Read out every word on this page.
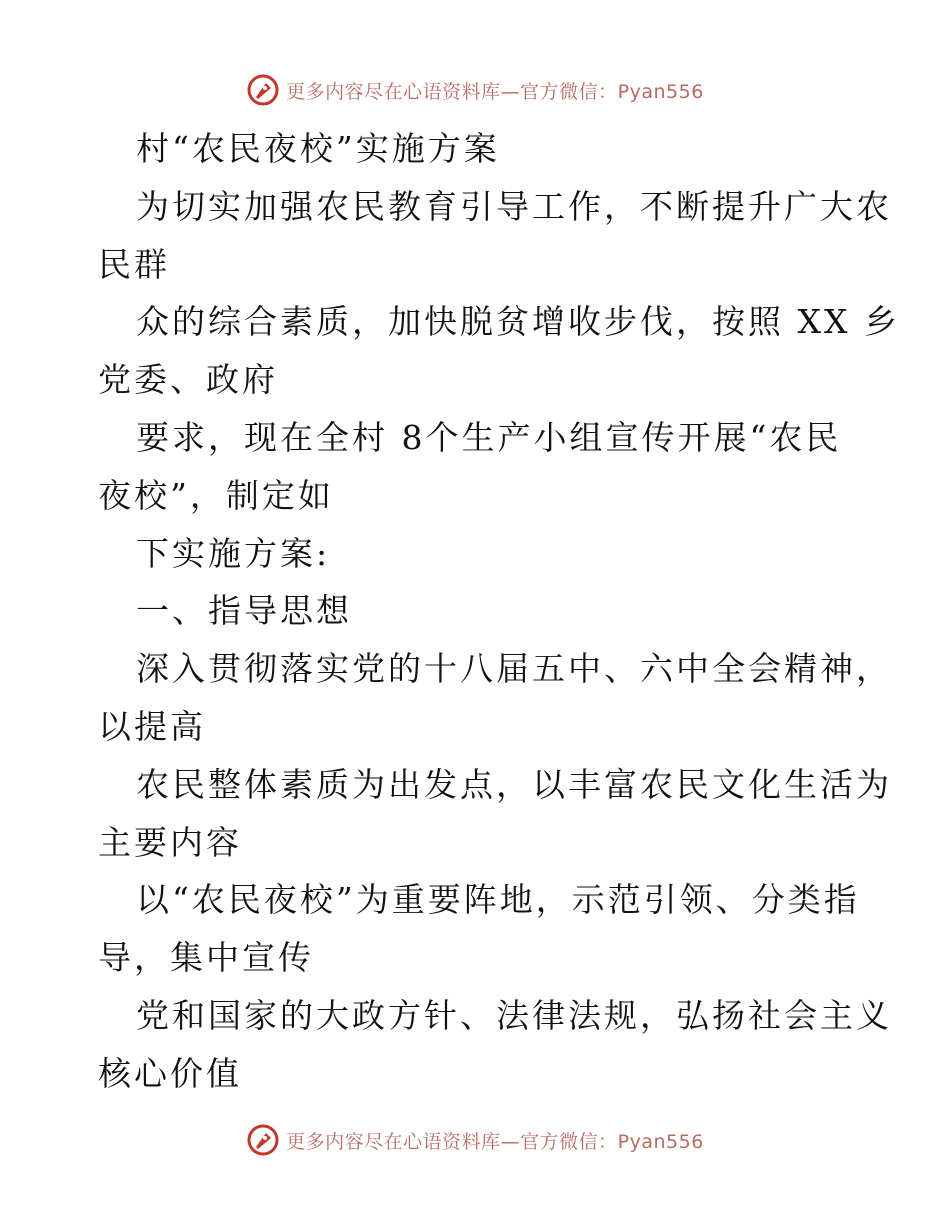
更多内容尽在心语资料库—官方微信：Pyan556
村“农民夜校”实施方案
为切实加强农民教育引导工作，不断提升广大农
民群
众的综合素质，加快脱贫增收步伐，按照 XX 乡
党委、政府
要求，现在全村 8个生产小组宣传开展“农民
夜校”，制定如
下实施方案:
一、指导思想
深入贯彻落实党的十八届五中、六中全会精神，
以提高
农民整体素质为出发点，以丰富农民文化生活为
主要内容
以“农民夜校”为重要阵地，示范引领、分类指
导，集中宣传
党和国家的大政方针、法律法规，弘扬社会主义
核心价值
更多内容尽在心语资料库—官方微信：Pyan556
